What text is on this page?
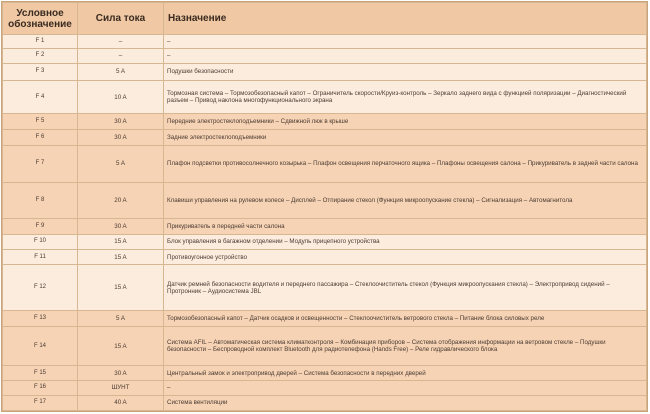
Условное обозначение	Сила тока	Назначение
F 1	–	–
F 2	–	–
F 3	5 A	Подушки безопасности
F 4	10 A	Тормозная система – Тормозобезопасный капот – Ограничитель скорости/Круиз-контроль – Зеркало заднего вида с функцией поляризации – Диагностический разъем – Привод наклона многофункционального экрана
F 5	30 A	Передние электростеклоподъемники – Сдвижной люк в крыше
F 6	30 A	Задние электростеклоподъемники
F 7	5 A	Плафон подсветки противосолнечного козырька – Плафон освещения перчаточного ящика – Плафоны освещения салона – Прикуриватель в задней части салона
F 8	20 A	Клавиши управления на рулевом колесе – Дисплей – Отпирание стекол (Функция микроопускание стекла) – Сигнализация – Автомагнитола
F 9	30 A	Прикуриватель в передней части салона
F 10	15 A	Блок управления в багажном отделении – Модуль прицепного устройства
F 11	15 A	Противоугонное устройство
F 12	15 A	Датчик ремней безопасности водителя и переднего пассажира – Стеклоочиститель стекол (Функция микроопускания стекла) – Электропривод сидений – Протронник – Аудиосистема JBL
F 13	5 A	Тормозобезопасный капот – Датчик осадков и освещенности – Стеклоочиститель ветрового стекла – Питание блока силовых реле
F 14	15 A	Система AFIL – Автоматическая система климатконтроля – Комбинация приборов – Система отображения информации на ветровом стекле – Подушки безопасности – Беспроводной комплект Bluetooth для радиотелефона (Hands Free) – Реле гидравлического блока
F 15	30 A	Центральный замок и электропривод дверей – Система безопасности в передних дверей
F 16	ШУНТ	–
F 17	40 A	Система вентиляции
